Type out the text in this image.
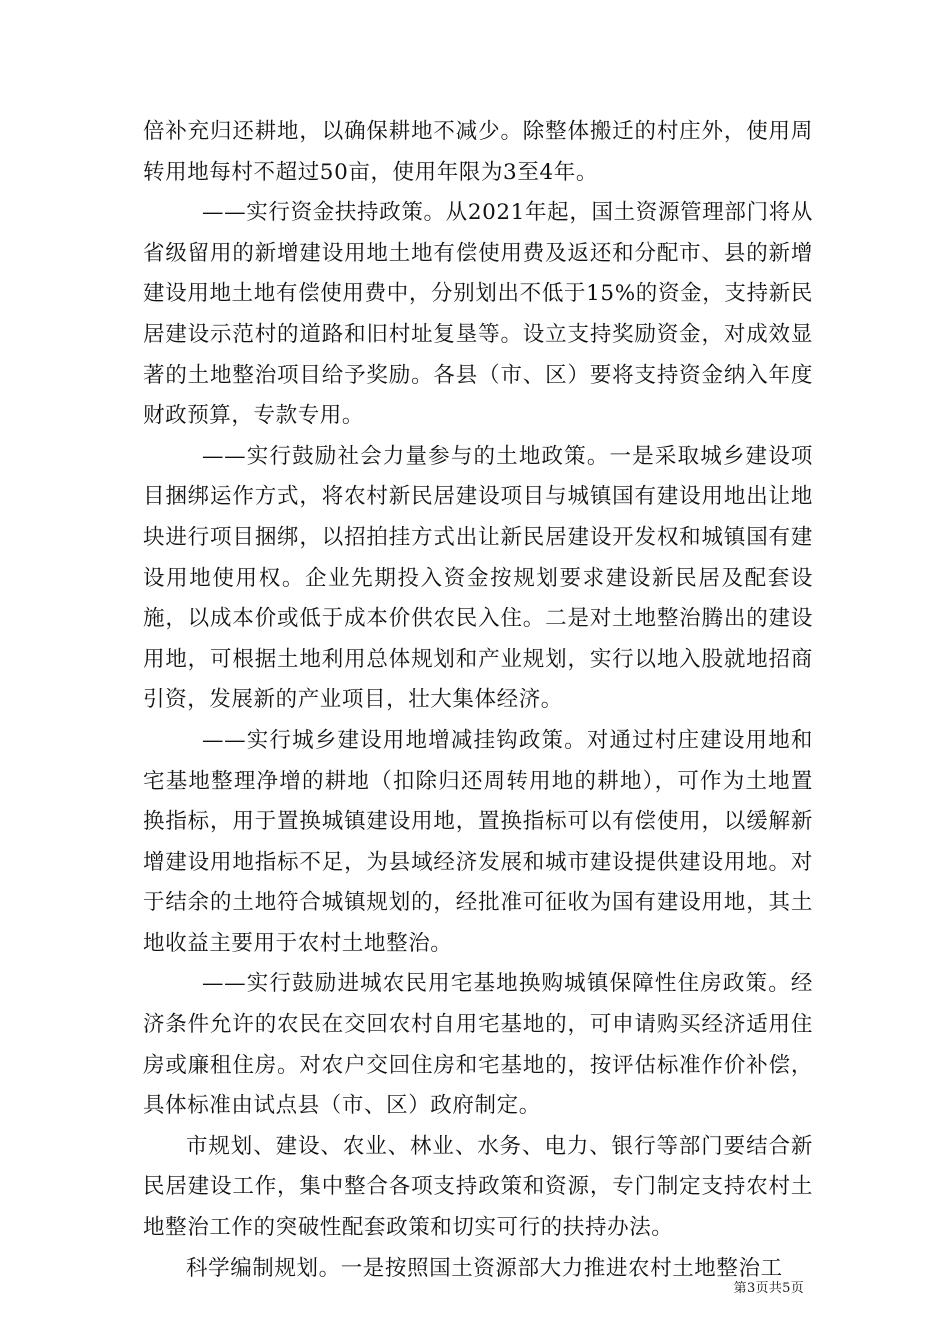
倍补充归还耕地，以确保耕地不减少。除整体搬迁的村庄外，使用周转用地每村不超过50亩，使用年限为3至4年。

——实行资金扶持政策。从2021年起，国土资源管理部门将从省级留用的新增建设用地土地有偿使用费及返还和分配市、县的新增建设用地土地有偿使用费中，分别划出不低于15%的资金，支持新民居建设示范村的道路和旧村址复垦等。设立支持奖励资金，对成效显著的土地整治项目给予奖励。各县（市、区）要将支持资金纳入年度财政预算，专款专用。

——实行鼓励社会力量参与的土地政策。一是采取城乡建设项目捆绑运作方式，将农村新民居建设项目与城镇国有建设用地出让地块进行项目捆绑，以招拍挂方式出让新民居建设开发权和城镇国有建设用地使用权。企业先期投入资金按规划要求建设新民居及配套设施，以成本价或低于成本价供农民入住。二是对土地整治腾出的建设用地，可根据土地利用总体规划和产业规划，实行以地入股就地招商引资，发展新的产业项目，壮大集体经济。

——实行城乡建设用地增减挂钩政策。对通过村庄建设用地和宅基地整理净增的耕地（扣除归还周转用地的耕地），可作为土地置换指标，用于置换城镇建设用地，置换指标可以有偿使用，以缓解新增建设用地指标不足，为县域经济发展和城市建设提供建设用地。对于结余的土地符合城镇规划的，经批准可征收为国有建设用地，其土地收益主要用于农村土地整治。

——实行鼓励进城农民用宅基地换购城镇保障性住房政策。经济条件允许的农民在交回农村自用宅基地的，可申请购买经济适用住房或廉租住房。对农户交回住房和宅基地的，按评估标准作价补偿，具体标准由试点县（市、区）政府制定。

市规划、建设、农业、林业、水务、电力、银行等部门要结合新民居建设工作，集中整合各项支持政策和资源，专门制定支持农村土地整治工作的突破性配套政策和切实可行的扶持办法。

科学编制规划。一是按照国土资源部大力推进农村土地整治工

第3页共5页
